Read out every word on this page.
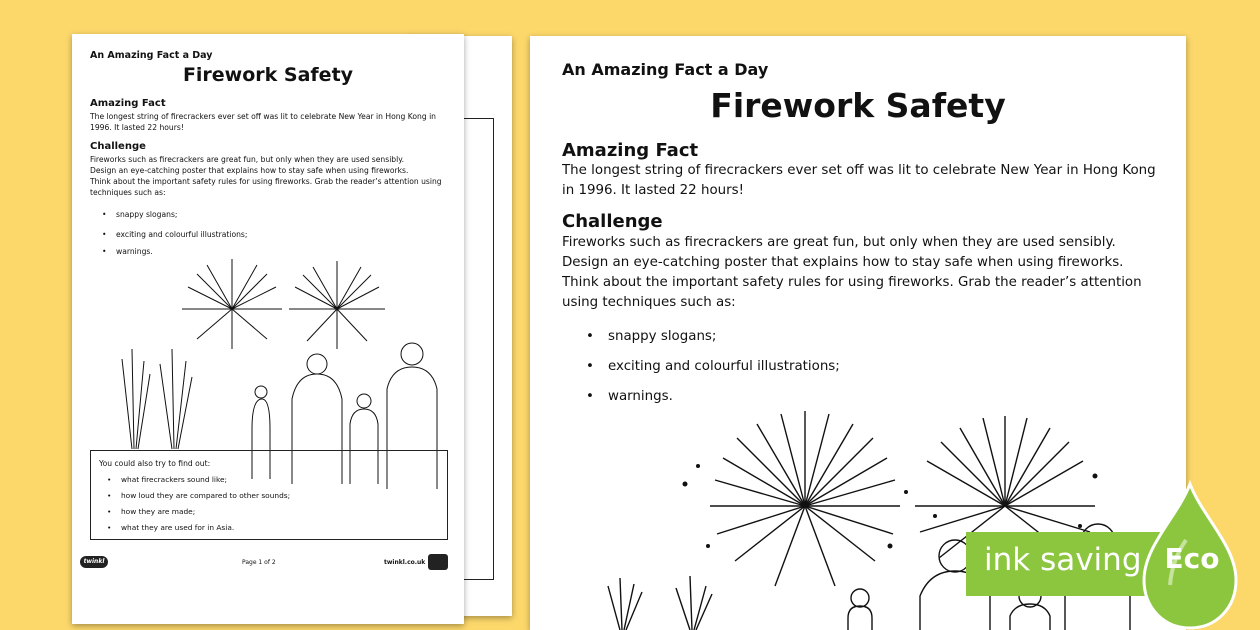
An Amazing Fact a Day
Firework Safety
Amazing Fact
The longest string of firecrackers ever set off was lit to celebrate New Year in Hong Kong in 1996. It lasted 22 hours!
Challenge
Fireworks such as firecrackers are great fun, but only when they are used sensibly.
Design an eye-catching poster that explains how to stay safe when using fireworks.
Think about the important safety rules for using fireworks. Grab the reader’s attention using techniques such as:
• snappy slogans;
• exciting and colourful illustrations;
• warnings.
You could also try to find out:
• what firecrackers sound like;
• how loud they are compared to other sounds;
• how they are made;
• what they are used for in Asia.
twinkl	Page 1 of 2	twinkl.co.uk
An Amazing Fact a Day
Firework Safety
Amazing Fact
The longest string of firecrackers ever set off was lit to celebrate New Year in Hong Kong in 1996. It lasted 22 hours!
Challenge
Fireworks such as firecrackers are great fun, but only when they are used sensibly.
Design an eye-catching poster that explains how to stay safe when using fireworks.
Think about the important safety rules for using fireworks. Grab the reader’s attention using techniques such as:
• snappy slogans;
• exciting and colourful illustrations;
• warnings.
ink saving Eco
